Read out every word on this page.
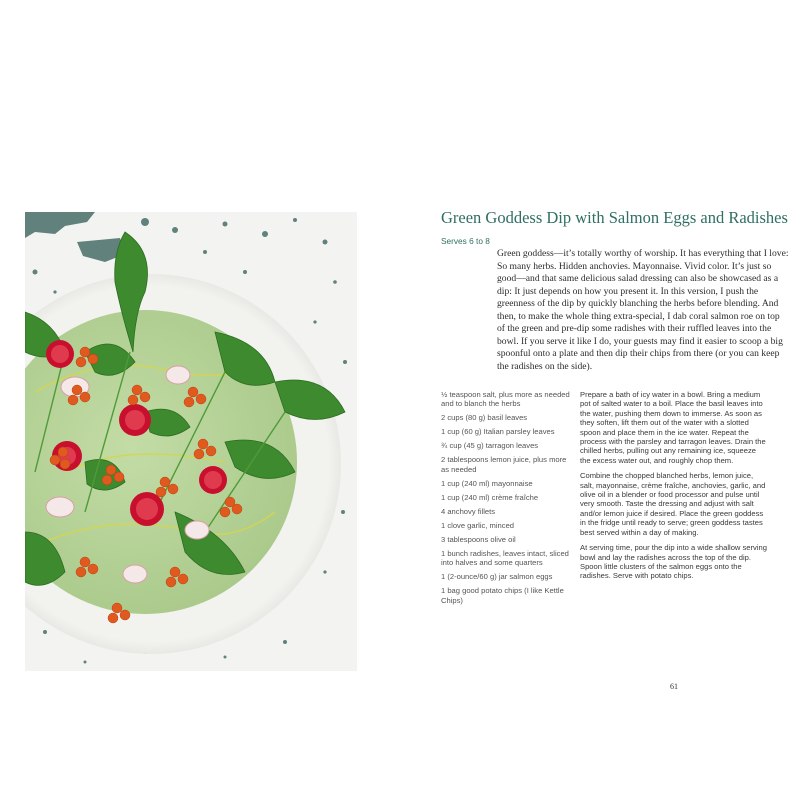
Green Goddess Dip with Salmon Eggs and Radishes
Serves 6 to 8
Green goddess—it’s totally worthy of worship. It has everything that I love: So many herbs. Hidden anchovies. Mayonnaise. Vivid color. It’s just so good—and that same delicious salad dressing can also be showcased as a dip: It just depends on how you present it. In this version, I push the greenness of the dip by quickly blanching the herbs before blending. And then, to make the whole thing extra-special, I dab coral salmon roe on top of the green and pre-dip some radishes with their ruffled leaves into the bowl. If you serve it like I do, your guests may find it easier to scoop a big spoonful onto a plate and then dip their chips from there (or you can keep the radishes on the side).
½ teaspoon salt, plus more as needed and to blanch the herbs
2 cups (80 g) basil leaves
1 cup (60 g) Italian parsley leaves
¾ cup (45 g) tarragon leaves
2 tablespoons lemon juice, plus more as needed
1 cup (240 ml) mayonnaise
1 cup (240 ml) crème fraîche
4 anchovy fillets
1 clove garlic, minced
3 tablespoons olive oil
1 bunch radishes, leaves intact, sliced into halves and some quarters
1 (2-ounce/60 g) jar salmon eggs
1 bag good potato chips (I like Kettle Chips)

Prepare a bath of icy water in a bowl. Bring a medium pot of salted water to a boil. Place the basil leaves into the water, pushing them down to immerse. As soon as they soften, lift them out of the water with a slotted spoon and place them in the ice water. Repeat the process with the parsley and tarragon leaves. Drain the chilled herbs, pulling out any remaining ice, squeeze the excess water out, and roughly chop them.

Combine the chopped blanched herbs, lemon juice, salt, mayonnaise, crème fraîche, anchovies, garlic, and olive oil in a blender or food processor and pulse until very smooth. Taste the dressing and adjust with salt and/or lemon juice if desired. Place the green goddess in the fridge until ready to serve; green goddess tastes best served within a day of making.

At serving time, pour the dip into a wide shallow serving bowl and lay the radishes across the top of the dip. Spoon little clusters of the salmon eggs onto the radishes. Serve with potato chips.

61
